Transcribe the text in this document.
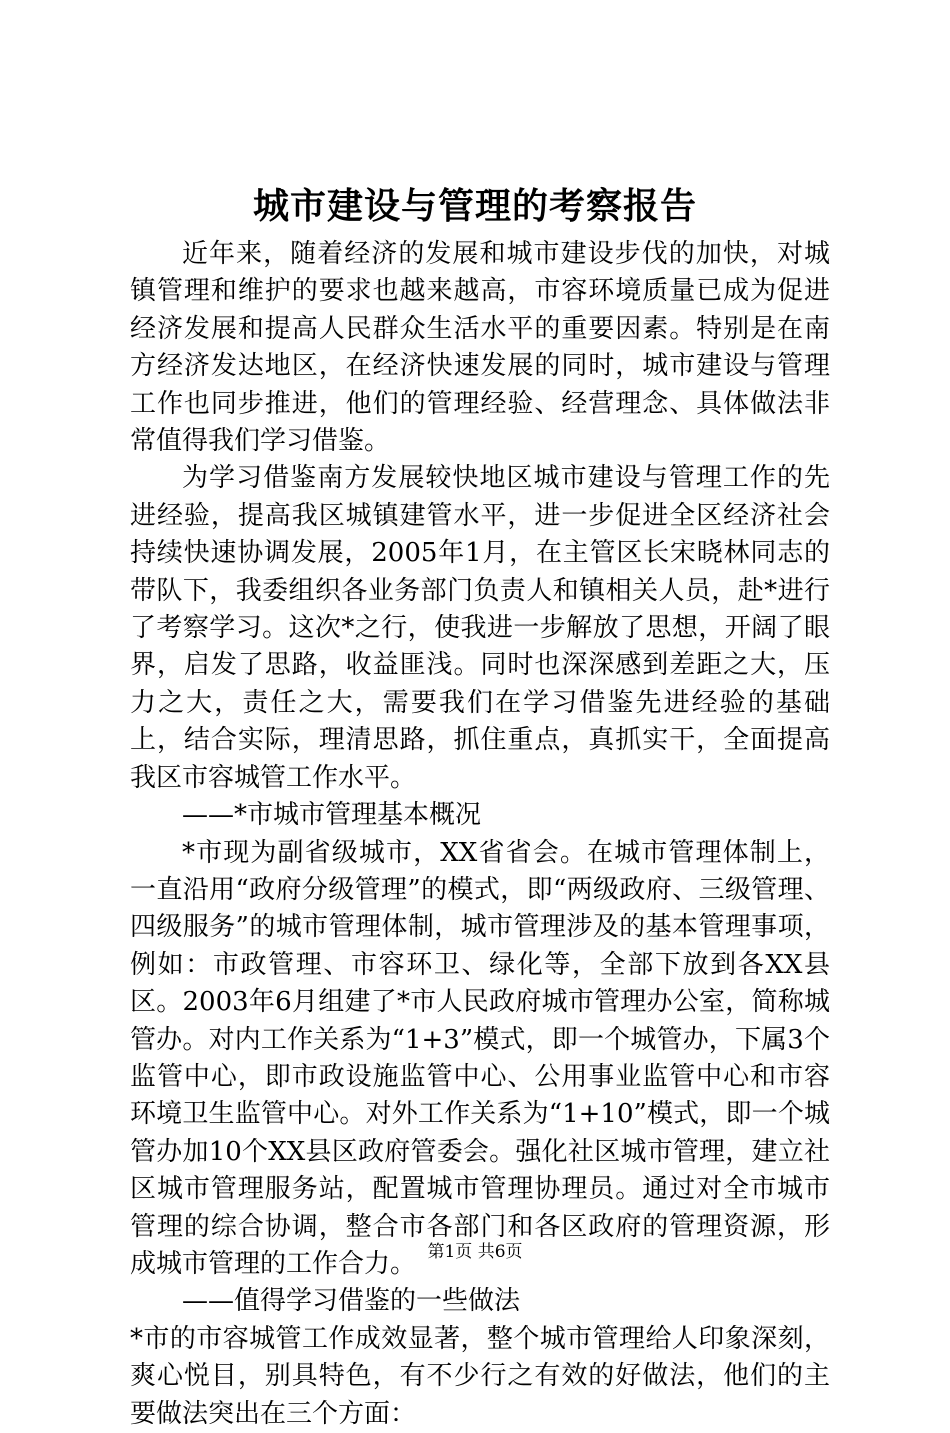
城市建设与管理的考察报告

近年来，随着经济的发展和城市建设步伐的加快，对城镇管理和维护的要求也越来越高，市容环境质量已成为促进经济发展和提高人民群众生活水平的重要因素。特别是在南方经济发达地区，在经济快速发展的同时，城市建设与管理工作也同步推进，他们的管理经验、经营理念、具体做法非常值得我们学习借鉴。

为学习借鉴南方发展较快地区城市建设与管理工作的先进经验，提高我区城镇建管水平，进一步促进全区经济社会持续快速协调发展，2005年1月，在主管区长宋晓林同志的带队下，我委组织各业务部门负责人和镇相关人员，赴*进行了考察学习。这次*之行，使我进一步解放了思想，开阔了眼界，启发了思路，收益匪浅。同时也深深感到差距之大，压力之大，责任之大，需要我们在学习借鉴先进经验的基础上，结合实际，理清思路，抓住重点，真抓实干，全面提高我区市容城管工作水平。

——*市城市管理基本概况

*市现为副省级城市，XX省省会。在城市管理体制上，一直沿用“政府分级管理”的模式，即“两级政府、三级管理、四级服务”的城市管理体制，城市管理涉及的基本管理事项，例如：市政管理、市容环卫、绿化等，全部下放到各XX县区。2003年6月组建了*市人民政府城市管理办公室，简称城管办。对内工作关系为“1+3”模式，即一个城管办，下属3个监管中心，即市政设施监管中心、公用事业监管中心和市容环境卫生监管中心。对外工作关系为“1+10”模式，即一个城管办加10个XX县区政府管委会。强化社区城市管理，建立社区城市管理服务站，配置城市管理协理员。通过对全市城市管理的综合协调，整合市各部门和各区政府的管理资源，形成城市管理的工作合力。

——值得学习借鉴的一些做法

*市的市容城管工作成效显著，整个城市管理给人印象深刻，爽心悦目，别具特色，有不少行之有效的好做法，他们的主要做法突出在三个方面：

第1页 共6页
